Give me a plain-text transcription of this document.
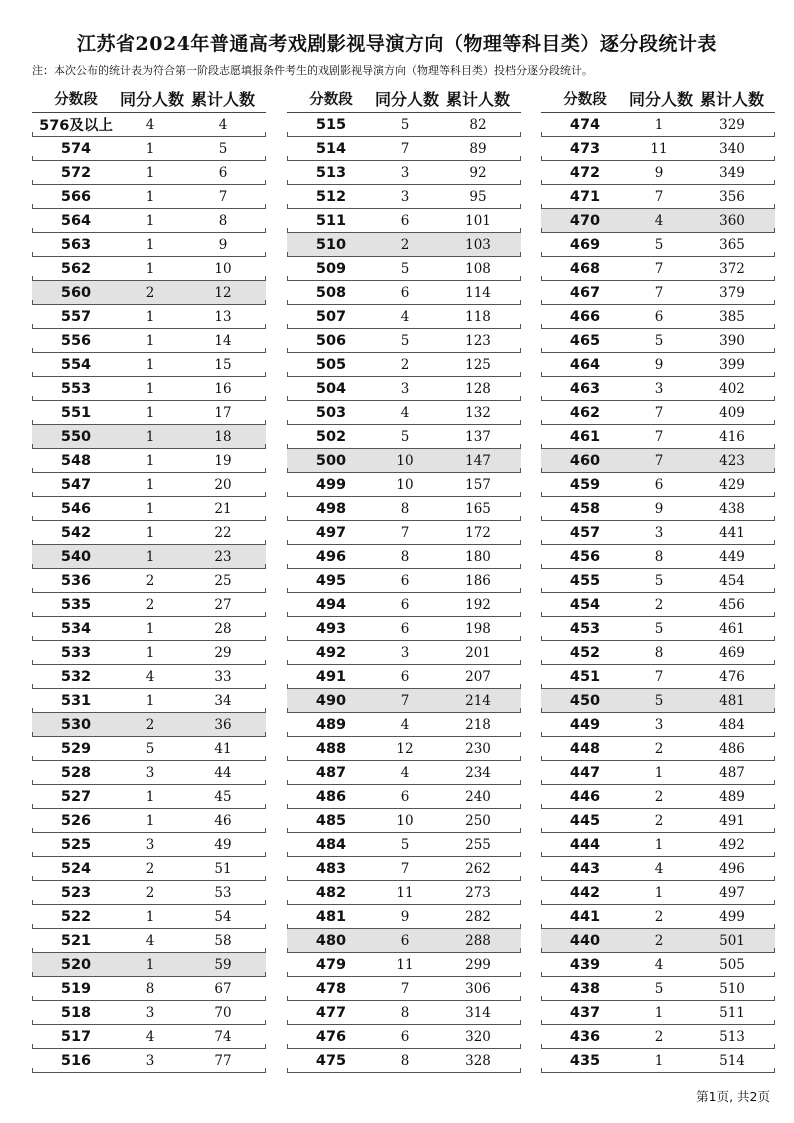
江苏省2024年普通高考戏剧影视导演方向（物理等科目类）逐分段统计表
注：本次公布的统计表为符合第一阶段志愿填报条件考生的戏剧影视导演方向（物理等科目类）投档分逐分段统计。
分数段	同分人数 累计人数
576及以上	4	4
574	1	5
572	1	6
566	1	7
564	1	8
563	1	9
562	1	10
560	2	12
557	1	13
556	1	14
554	1	15
553	1	16
551	1	17
550	1	18
548	1	19
547	1	20
546	1	21
542	1	22
540	1	23
536	2	25
535	2	27
534	1	28
533	1	29
532	4	33
531	1	34
530	2	36
529	5	41
528	3	44
527	1	45
526	1	46
525	3	49
524	2	51
523	2	53
522	1	54
521	4	58
520	1	59
519	8	67
518	3	70
517	4	74
516	3	77
分数段	同分人数 累计人数
515	5	82
514	7	89
513	3	92
512	3	95
511	6	101
510	2	103
509	5	108
508	6	114
507	4	118
506	5	123
505	2	125
504	3	128
503	4	132
502	5	137
500	10	147
499	10	157
498	8	165
497	7	172
496	8	180
495	6	186
494	6	192
493	6	198
492	3	201
491	6	207
490	7	214
489	4	218
488	12	230
487	4	234
486	6	240
485	10	250
484	5	255
483	7	262
482	11	273
481	9	282
480	6	288
479	11	299
478	7	306
477	8	314
476	6	320
475	8	328
分数段	同分人数 累计人数
474	1	329
473	11	340
472	9	349
471	7	356
470	4	360
469	5	365
468	7	372
467	7	379
466	6	385
465	5	390
464	9	399
463	3	402
462	7	409
461	7	416
460	7	423
459	6	429
458	9	438
457	3	441
456	8	449
455	5	454
454	2	456
453	5	461
452	8	469
451	7	476
450	5	481
449	3	484
448	2	486
447	1	487
446	2	489
445	2	491
444	1	492
443	4	496
442	1	497
441	2	499
440	2	501
439	4	505
438	5	510
437	1	511
436	2	513
435	1	514
第1页, 共2页
